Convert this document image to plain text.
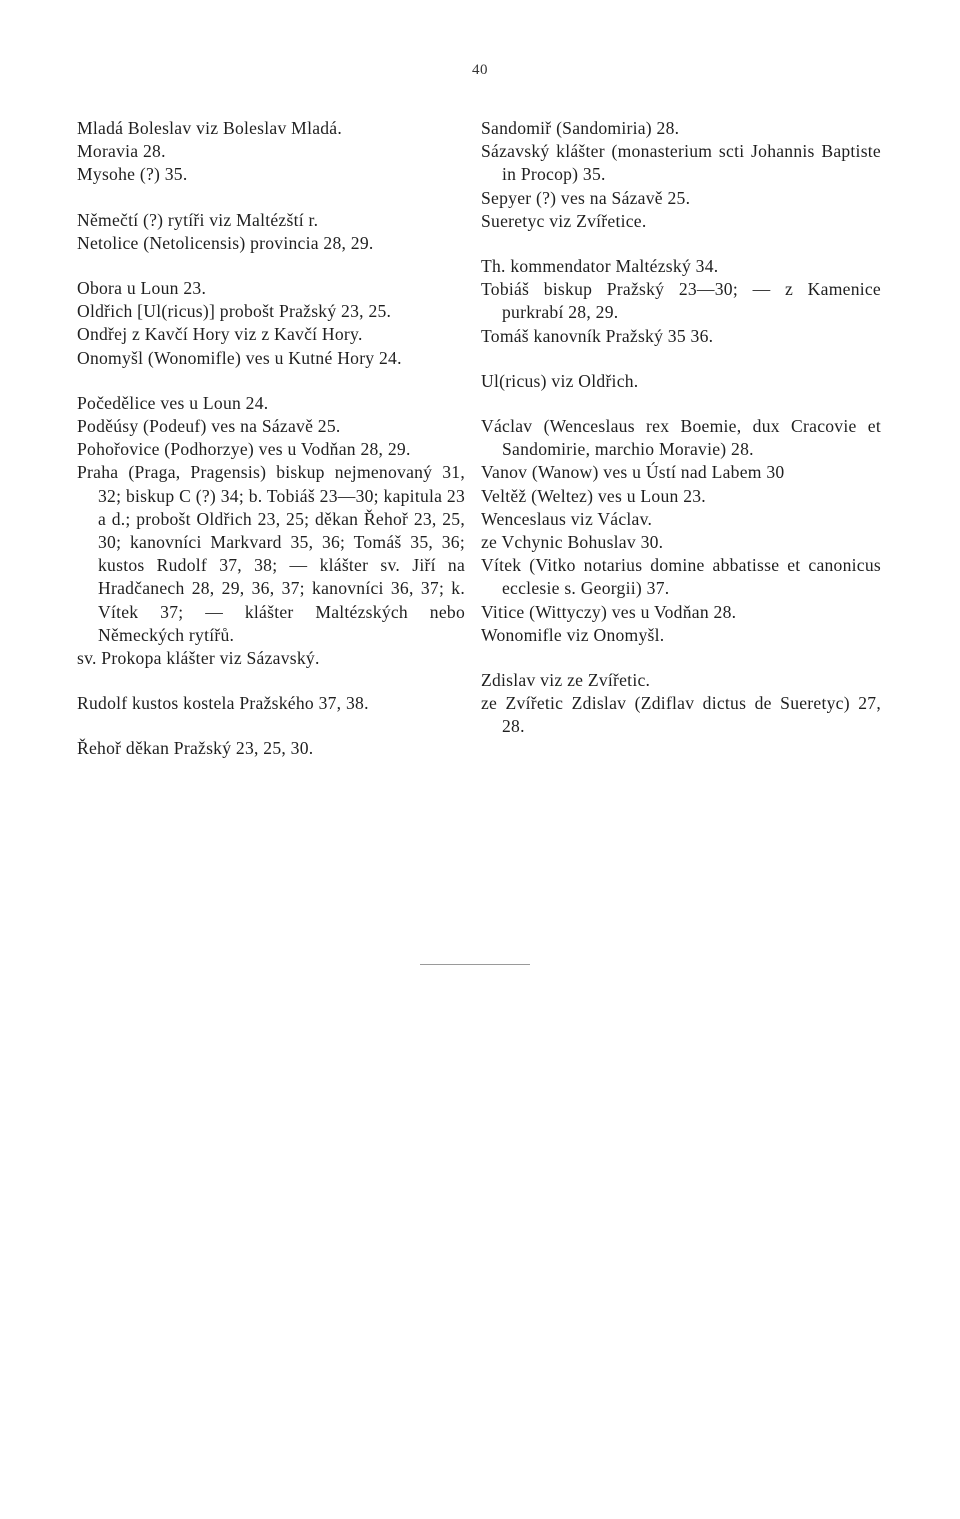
40
Mladá Boleslav viz Boleslav Mladá.
Moravia 28.
Mysohe (?) 35.
Němečtí (?) rytíři viz Maltézští r.
Netolice (Netolicensis) provincia 28, 29.
Obora u Loun 23.
Oldřich [Ul(ricus)] probošt Pražský 23, 25.
Ondřej z Kavčí Hory viz z Kavčí Hory.
Onomyšl (Wonomifle) ves u Kutné Hory 24.
Počedělice ves u Loun 24.
Poděúsy (Podeuf) ves na Sázavě 25.
Pohořovice (Podhorzye) ves u Vodňan 28, 29.
Praha (Praga, Pragensis) biskup nejmenovaný 31, 32; biskup C (?) 34; b. Tobiáš 23—30; kapitula 23 a d.; probošt Oldřich 23, 25; děkan Řehoř 23, 25, 30; kanovníci Markvard 35, 36; Tomáš 35, 36; kustos Rudolf 37, 38; — klášter sv. Jiří na Hradčanech 28, 29, 36, 37; kanovníci 36, 37; k. Vítek 37; — klášter Maltézských nebo Německých rytířů.
sv. Prokopa klášter viz Sázavský.
Rudolf kustos kostela Pražského 37, 38.
Řehoř děkan Pražský 23, 25, 30.
Sandomiř (Sandomiria) 28.
Sázavský klášter (monasterium scti Johannis Baptiste in Procop) 35.
Sepyer (?) ves na Sázavě 25.
Sueretyc viz Zvířetice.
Th. kommendator Maltézský 34.
Tobiáš biskup Pražský 23—30; — z Kamenice purkrabí 28, 29.
Tomáš kanovník Pražský 35 36.
Ul(ricus) viz Oldřich.
Václav (Wenceslaus rex Boemie, dux Cracovie et Sandomirie, marchio Moravie) 28.
Vanov (Wanow) ves u Ústí nad Labem 30
Veltěž (Weltez) ves u Loun 23.
Wenceslaus viz Václav.
ze Vchynic Bohuslav 30.
Vítek (Vitko notarius domine abbatisse et canonicus ecclesie s. Georgii) 37.
Vitice (Wittyczy) ves u Vodňan 28.
Wonomifle viz Onomyšl.
Zdislav viz ze Zvířetic.
ze Zvířetic Zdislav (Zdiflav dictus de Sueretyc) 27, 28.
